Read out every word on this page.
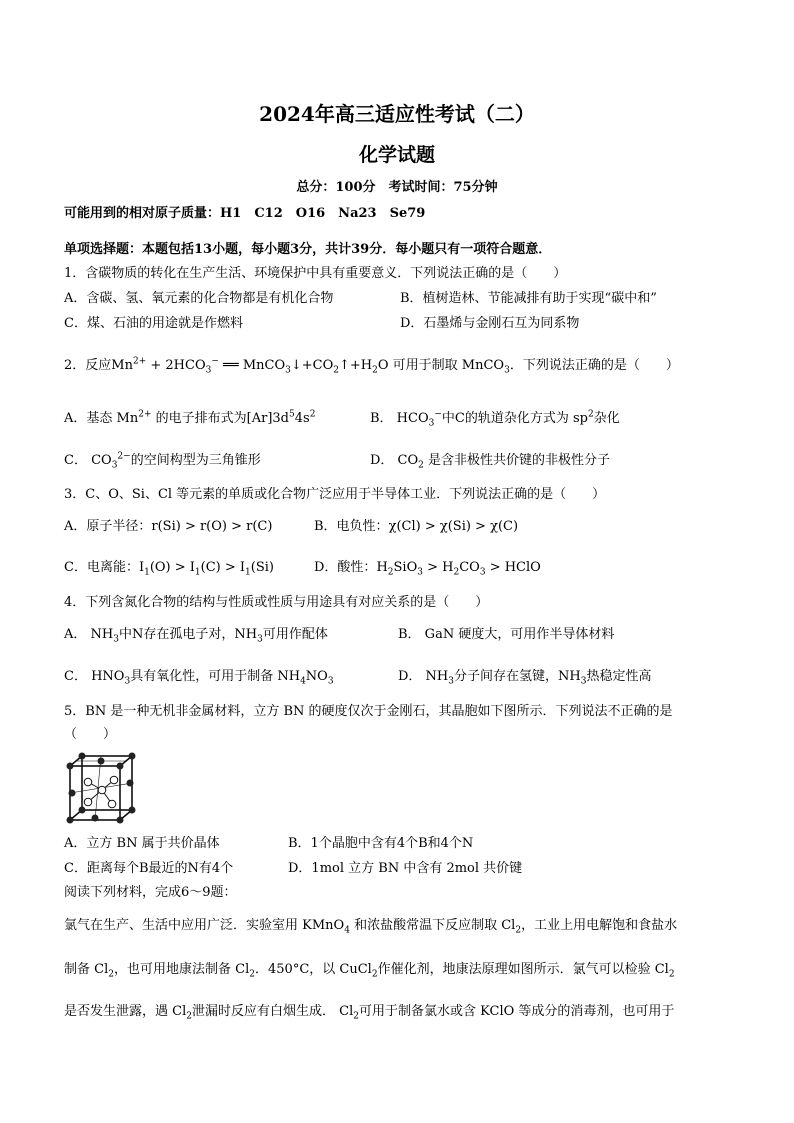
2024年高三适应性考试（二）
化学试题
总分：100分　考试时间：75分钟
可能用到的相对原子质量：H1　C12　O16　Na23　Se79
单项选择题：本题包括13小题，每小题3分，共计39分．每小题只有一项符合题意．
1．含碳物质的转化在生产生活、环境保护中具有重要意义．下列说法正确的是（　　）
A．含碳、氢、氧元素的化合物都是有机化合物	B．植树造林、节能减排有助于实现“碳中和”
C．煤、石油的用途就是作燃料	D．石墨烯与金刚石互为同系物
2．反应$Mn^{2+} + 2HCO_3^-$ ══ $MnCO_3↓+CO_2↑+H_2O$ 可用于制取 MnCO$_3$．下列说法正确的是（　　）
A．基态 $Mn^{2+}$ 的电子排布式为$[Ar]3d^54s^2$	B． $HCO_3^-$中C的轨道杂化方式为 $sp^2$杂化
C． $CO_3^{2-}$的空间构型为三角锥形	D． $CO_2$ 是含非极性共价键的非极性分子
3．C、O、Si、Cl 等元素的单质或化合物广泛应用于半导体工业．下列说法正确的是（　　）
A．原子半径：r(Si) > r(O) > r(C)	B．电负性：χ(Cl) > χ(Si) > χ(C)
C．电离能：$I_1(O) > I_1(C) > I_1(Si)$	D．酸性：$H_2SiO_3 > H_2CO_3$ > HClO
4．下列含氮化合物的结构与性质或性质与用途具有对应关系的是（　　）
A． $NH_3$中N存在孤电子对，$NH_3$可用作配体	B． GaN 硬度大，可用作半导体材料
C． $HNO_3$具有氧化性，可用于制备 $NH_4NO_3$	D． $NH_3$分子间存在氢键，$NH_3$热稳定性高
5．BN 是一种无机非金属材料，立方 BN 的硬度仅次于金刚石，其晶胞如下图所示．下列说法不正确的是
（　　）
A．立方 BN 属于共价晶体	B．1个晶胞中含有4个B和4个N
C．距离每个B最近的N有4个	D．1mol 立方 BN 中含有 2mol 共价键
阅读下列材料，完成6～9题：
氯气在生产、生活中应用广泛．实验室用 KMnO$_4$ 和浓盐酸常温下反应制取 $Cl_2$，工业上用电解饱和食盐水
制备 $Cl_2$，也可用地康法制备 $Cl_2$．450°C，以 CuCl$_2$作催化剂，地康法原理如图所示．氯气可以检验 $Cl_2$
是否发生泄露，遇 $Cl_2$泄漏时反应有白烟生成． $Cl_2$可用于制备氯水或含 KClO 等成分的消毒剂，也可用于
